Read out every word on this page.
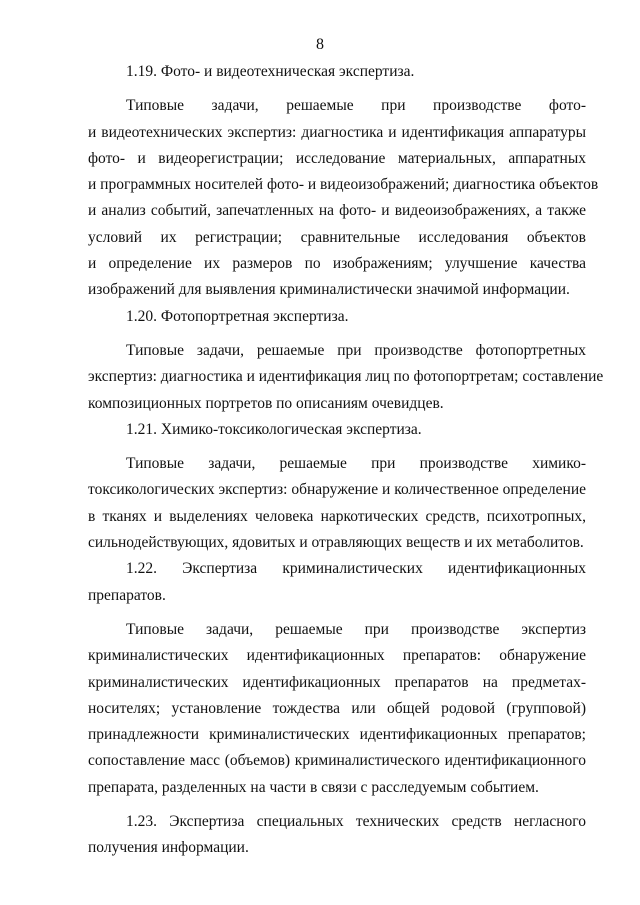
8
1.19. Фото- и видеотехническая экспертиза.
Типовые задачи, решаемые при производстве фото-
и видеотехнических экспертиз: диагностика и идентификация аппаратуры
фото- и видеорегистрации; исследование материальных, аппаратных
и программных носителей фото- и видеоизображений; диагностика объектов
и анализ событий, запечатленных на фото- и видеоизображениях, а также
условий их регистрации; сравнительные исследования объектов
и определение их размеров по изображениям; улучшение качества
изображений для выявления криминалистически значимой информации.
1.20. Фотопортретная экспертиза.
Типовые задачи, решаемые при производстве фотопортретных
экспертиз: диагностика и идентификация лиц по фотопортретам; составление
композиционных портретов по описаниям очевидцев.
1.21. Химико-токсикологическая экспертиза.
Типовые задачи, решаемые при производстве химико-
токсикологических экспертиз: обнаружение и количественное определение
в тканях и выделениях человека наркотических средств, психотропных,
сильнодействующих, ядовитых и отравляющих веществ и их метаболитов.
1.22. Экспертиза криминалистических идентификационных
препаратов.
Типовые задачи, решаемые при производстве экспертиз
криминалистических идентификационных препаратов: обнаружение
криминалистических идентификационных препаратов на предметах-
носителях; установление тождества или общей родовой (групповой)
принадлежности криминалистических идентификационных препаратов;
сопоставление масс (объемов) криминалистического идентификационного
препарата, разделенных на части в связи с расследуемым событием.
1.23. Экспертиза специальных технических средств негласного
получения информации.
